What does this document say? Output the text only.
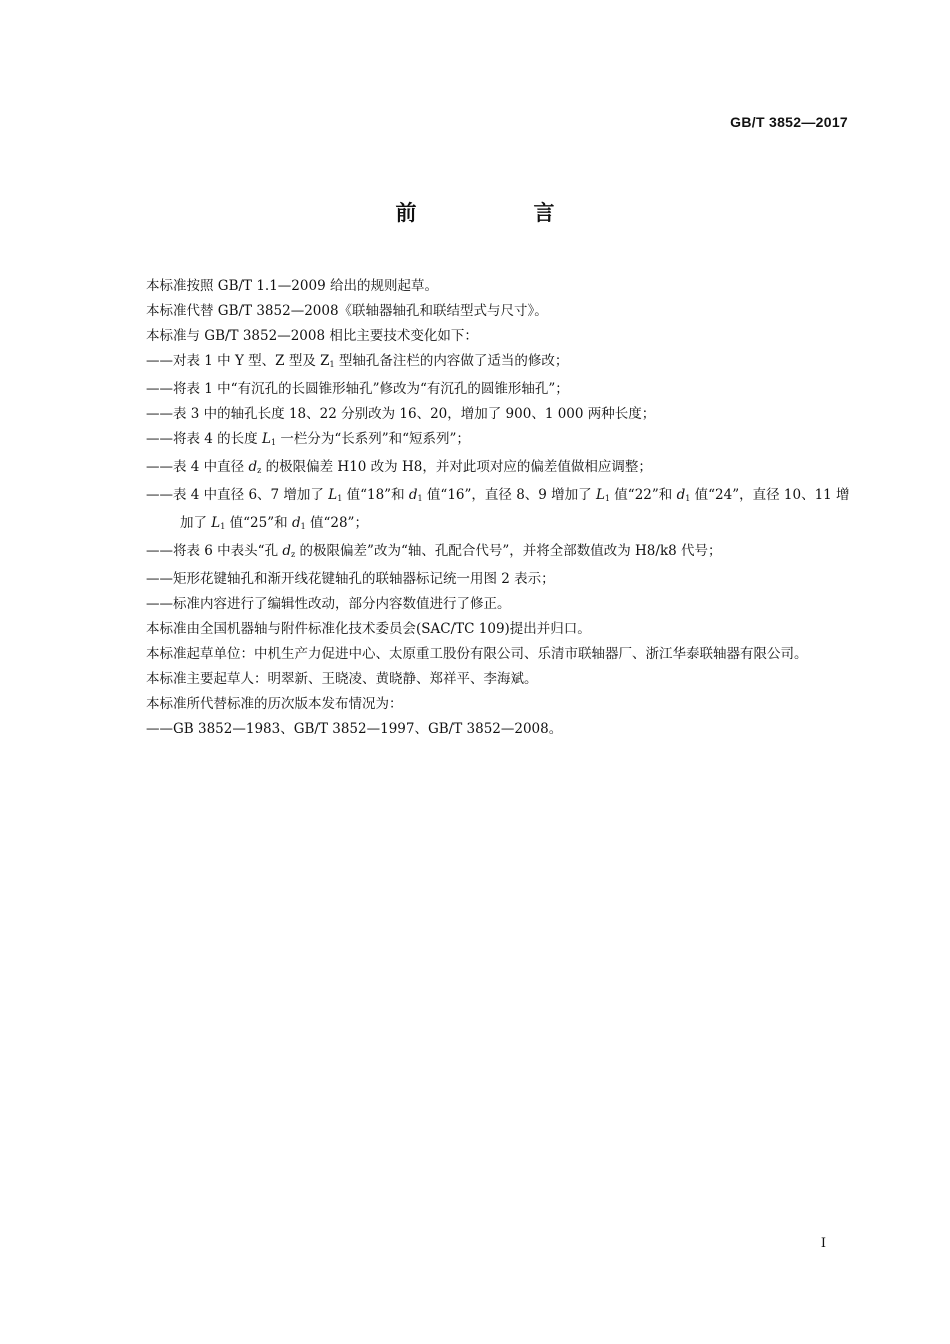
GB/T 3852—2017
前　言

本标准按照 GB/T 1.1—2009 给出的规则起草。

本标准代替 GB/T 3852—2008《联轴器轴孔和联结型式与尺寸》。

本标准与 GB/T 3852—2008 相比主要技术变化如下：

——对表 1 中 Y 型、Z 型及 $Z_1$ 型轴孔备注栏的内容做了适当的修改；

——将表 1 中“有沉孔的长圆锥形轴孔”修改为“有沉孔的圆锥形轴孔”；

——表 3 中的轴孔长度 18、22 分别改为 16、20，增加了 900、1 000 两种长度；

——将表 4 的长度 $L_1$ 一栏分为“长系列”和“短系列”；

——表 4 中直径 $d_z$ 的极限偏差 H10 改为 H8，并对此项对应的偏差值做相应调整；

——表 4 中直径 6、7 增加了 $L_1$ 值“18”和 $d_1$ 值“16”，直径 8、9 增加了 $L_1$ 值“22”和 $d_1$ 值“24”，直径 10、11 增加了 $L_1$ 值“25”和 $d_1$ 值“28”；

——将表 6 中表头“孔 $d_z$ 的极限偏差”改为“轴、孔配合代号”，并将全部数值改为 H8/k8 代号；

——矩形花键轴孔和渐开线花键轴孔的联轴器标记统一用图 2 表示；

——标准内容进行了编辑性改动，部分内容数值进行了修正。

本标准由全国机器轴与附件标准化技术委员会(SAC/TC 109)提出并归口。

本标准起草单位：中机生产力促进中心、太原重工股份有限公司、乐清市联轴器厂、浙江华泰联轴器有限公司。

本标准主要起草人：明翠新、王晓凌、黄晓静、郑祥平、李海斌。

本标准所代替标准的历次版本发布情况为：

——GB 3852—1983、GB/T 3852—1997、GB/T 3852—2008。

I
